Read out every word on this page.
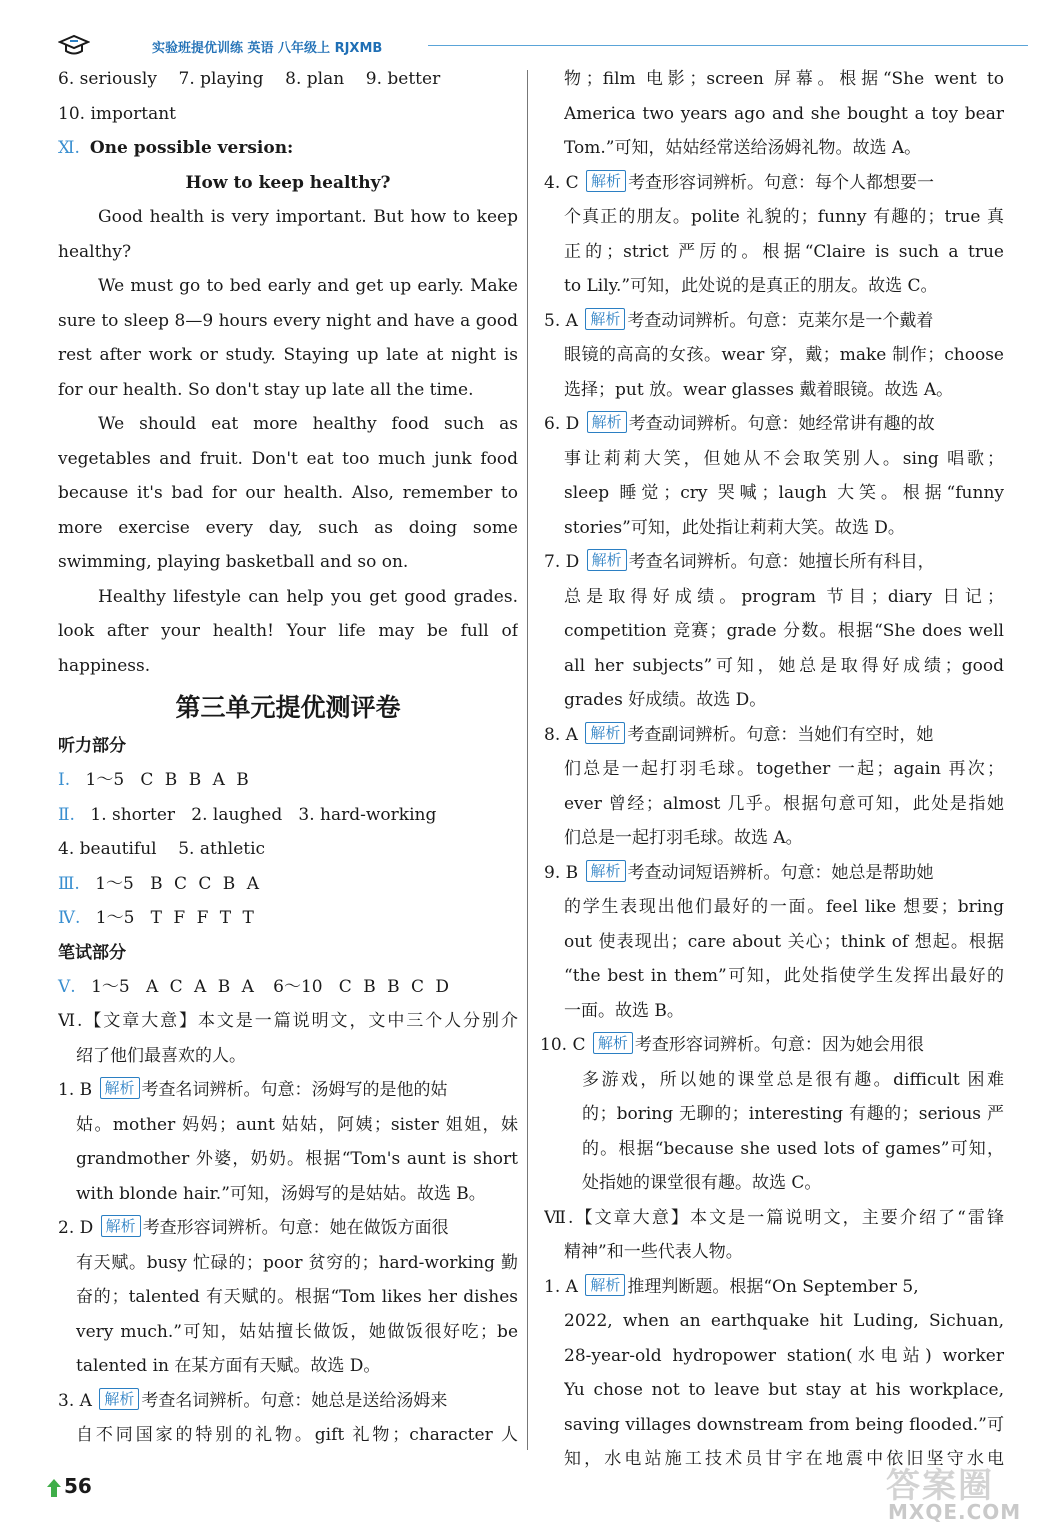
实验班提优训练 英语 八年级上 RJXMB
6. seriously 7. playing 8. plan 9. better
10. important
Ⅺ. One possible version:
How to keep healthy?
Good health is very important. But how to keep
healthy?
We must go to bed early and get up early. Make
sure to sleep 8—9 hours every night and have a good
rest after work or study. Staying up late at night is
for our health. So don't stay up late all the time.
We should eat more healthy food such as
vegetables and fruit. Don't eat too much junk food
because it's bad for our health. Also, remember to
more exercise every day, such as doing some
swimming, playing basketball and so on.
Healthy lifestyle can help you get good grades.
look after your health! Your life may be full of
happiness.
第三单元提优测评卷
听力部分
Ⅰ. 1～5 C B B A B
Ⅱ. 1. shorter 2. laughed 3. hard-working
4. beautiful 5. athletic
Ⅲ. 1～5 B C C B A
Ⅳ. 1～5 T F F T T
笔试部分
Ⅴ. 1～5 A C A B A 6～10 C B B C D
Ⅵ.【文章大意】本文是一篇说明文，文中三个人分别介
绍了他们最喜欢的人。
1. B 解析 考查名词辨析。句意：汤姆写的是他的姑
姑。mother 妈妈；aunt 姑姑，阿姨；sister 姐姐，妹
grandmother 外婆，奶奶。根据“Tom's aunt is short
with blonde hair.”可知，汤姆写的是姑姑。故选 B。
2. D 解析 考查形容词辨析。句意：她在做饭方面很
有天赋。busy 忙碌的；poor 贫穷的；hard-working 勤
奋的；talented 有天赋的。根据“Tom likes her dishes
very much.”可知，姑姑擅长做饭，她做饭很好吃；be
talented in 在某方面有天赋。故选 D。
3. A 解析 考查名词辨析。句意：她总是送给汤姆来
自不同国家的特别的礼物。gift 礼物；character 人
物；film 电影；screen 屏幕。根据“She went to
America two years ago and she bought a toy bear
Tom.”可知，姑姑经常送给汤姆礼物。故选 A。
4. C 解析 考查形容词辨析。句意：每个人都想要一
个真正的朋友。polite 礼貌的；funny 有趣的；true 真
正的；strict 严厉的。根据“Claire is such a true
to Lily.”可知，此处说的是真正的朋友。故选 C。
5. A 解析 考查动词辨析。句意：克莱尔是一个戴着
眼镜的高高的女孩。wear 穿，戴；make 制作；choose
选择；put 放。wear glasses 戴着眼镜。故选 A。
6. D 解析 考查动词辨析。句意：她经常讲有趣的故
事让莉莉大笑，但她从不会取笑别人。sing 唱歌；
sleep 睡觉；cry 哭喊；laugh 大笑。根据“funny
stories”可知，此处指让莉莉大笑。故选 D。
7. D 解析 考查名词辨析。句意：她擅长所有科目，
总是取得好成绩。program 节目；diary 日记；
competition 竞赛；grade 分数。根据“She does well
all her subjects”可知，她总是取得好成绩；good
grades 好成绩。故选 D。
8. A 解析 考查副词辨析。句意：当她们有空时，她
们总是一起打羽毛球。together 一起；again 再次；
ever 曾经；almost 几乎。根据句意可知，此处是指她
们总是一起打羽毛球。故选 A。
9. B 解析 考查动词短语辨析。句意：她总是帮助她
的学生表现出他们最好的一面。feel like 想要；bring
out 使表现出；care about 关心；think of 想起。根据
“the best in them”可知，此处指使学生发挥出最好的
一面。故选 B。
10. C 解析 考查形容词辨析。句意：因为她会用很
多游戏，所以她的课堂总是很有趣。difficult 困难
的；boring 无聊的；interesting 有趣的；serious 严
的。根据“because she used lots of games”可知，
处指她的课堂很有趣。故选 C。
Ⅶ.【文章大意】本文是一篇说明文，主要介绍了“雷锋
精神”和一些代表人物。
1. A 解析 推理判断题。根据“On September 5,
2022, when an earthquake hit Luding, Sichuan,
28-year-old hydropower station(水电站) worker
Yu chose not to leave but stay at his workplace,
saving villages downstream from being flooded.”可
知，水电站施工技术员甘宇在地震中依旧坚守水电
56	答案圈
MXQE.COM
